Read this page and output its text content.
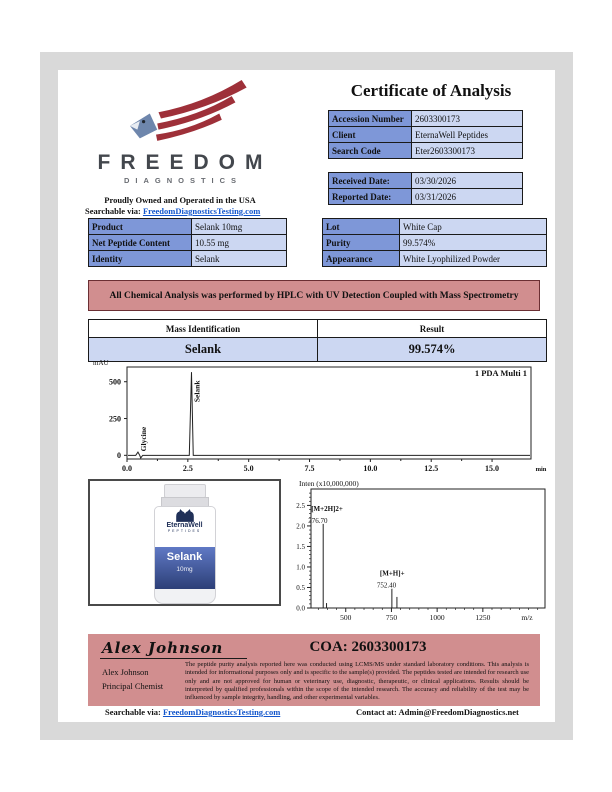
FREEDOM
DIAGNOSTICS
Proudly Owned and Operated in the USA
Searchable via: FreedomDiagnosticsTesting.com
Certificate of Analysis
Accession Number	2603300173
Client	EternaWell Peptides
Search Code	Eter2603300173
Received Date:	03/30/2026
Reported Date:	03/31/2026
Product	Selank 10mg
Net Peptide Content	10.55 mg
Identity	Selank
Lot	White Cap
Purity	99.574%
Appearance	White Lyophilized Powder
All Chemical Analysis was performed by HPLC with UV Detection Coupled with Mass Spectrometry
Mass Identification	Result
Selank	99.574%
mAU
0
250
500
0.0	2.5	5.0	7.5	10.0	12.5	15.0	min
1 PDA Multi 1
Glycine
Selank
EternaWell
PEPTIDES
Selank
10mg
Inten (x10,000,000)
0.0
0.5
1.0
1.5
2.0
2.5
500	750	1000	1250	m/z
[M+2H]2+
376.70
[M+H]+
752.40
Alex Johnson
Alex Johnson
Principal Chemist
COA: 2603300173
The peptide purity analysis reported here was conducted using LCMS/MS under standard laboratory conditions. This analysis is intended for informational purposes only and is specific to the sample(s) provided. The peptides tested are intended for research use only and are not approved for human or veterinary use, diagnostic, therapeutic, or clinical applications. Results should be interpreted by qualified professionals within the scope of the intended research. The accuracy and reliability of the test may be influenced by sample integrity, handling, and other experimental variables.
Searchable via: FreedomDiagnosticsTesting.com	Contact at: Admin@FreedomDiagnostics.net
